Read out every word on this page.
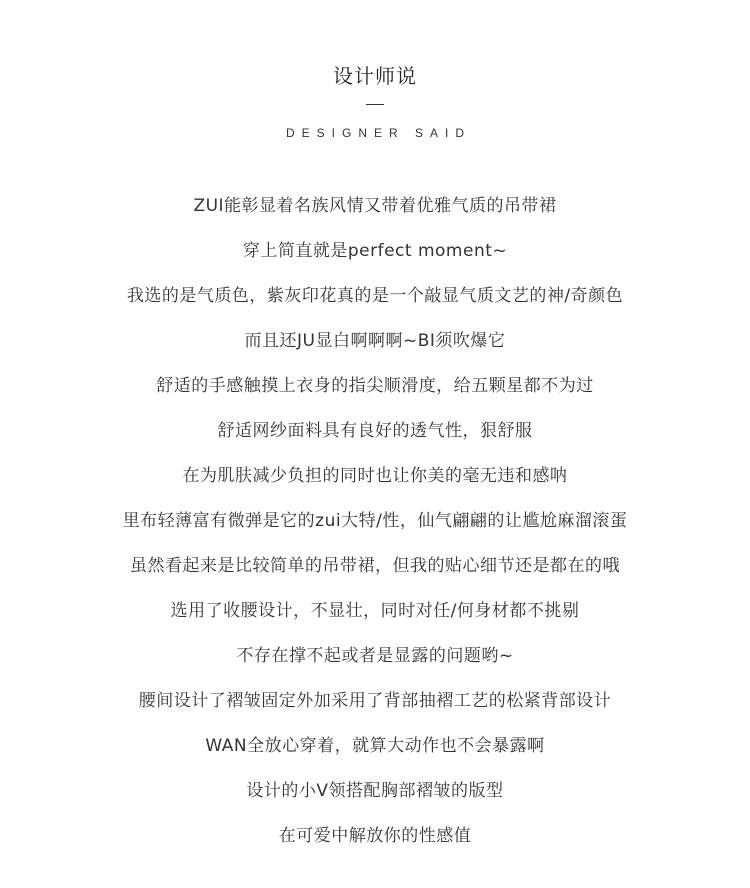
设计师说
DESIGNER SAID
ZUI能彰显着名族风情又带着优雅气质的吊带裙
穿上简直就是perfect moment~
我选的是气质色，紫灰印花真的是一个敲显气质文艺的神/奇颜色
而且还JU显白啊啊啊~BI须吹爆它
舒适的手感触摸上衣身的指尖顺滑度，给五颗星都不为过
舒适网纱面料具有良好的透气性，狠舒服
在为肌肤减少负担的同时也让你美的毫无违和感呐
里布轻薄富有微弹是它的zui大特/性，仙气翩翩的让尴尬麻溜滚蛋
虽然看起来是比较简单的吊带裙，但我的贴心细节还是都在的哦
选用了收腰设计，不显壮，同时对任/何身材都不挑剔
不存在撑不起或者是显露的问题哟~
腰间设计了褶皱固定外加采用了背部抽褶工艺的松紧背部设计
WAN全放心穿着，就算大动作也不会暴露啊
设计的小V领搭配胸部褶皱的版型
在可爱中解放你的性感值
